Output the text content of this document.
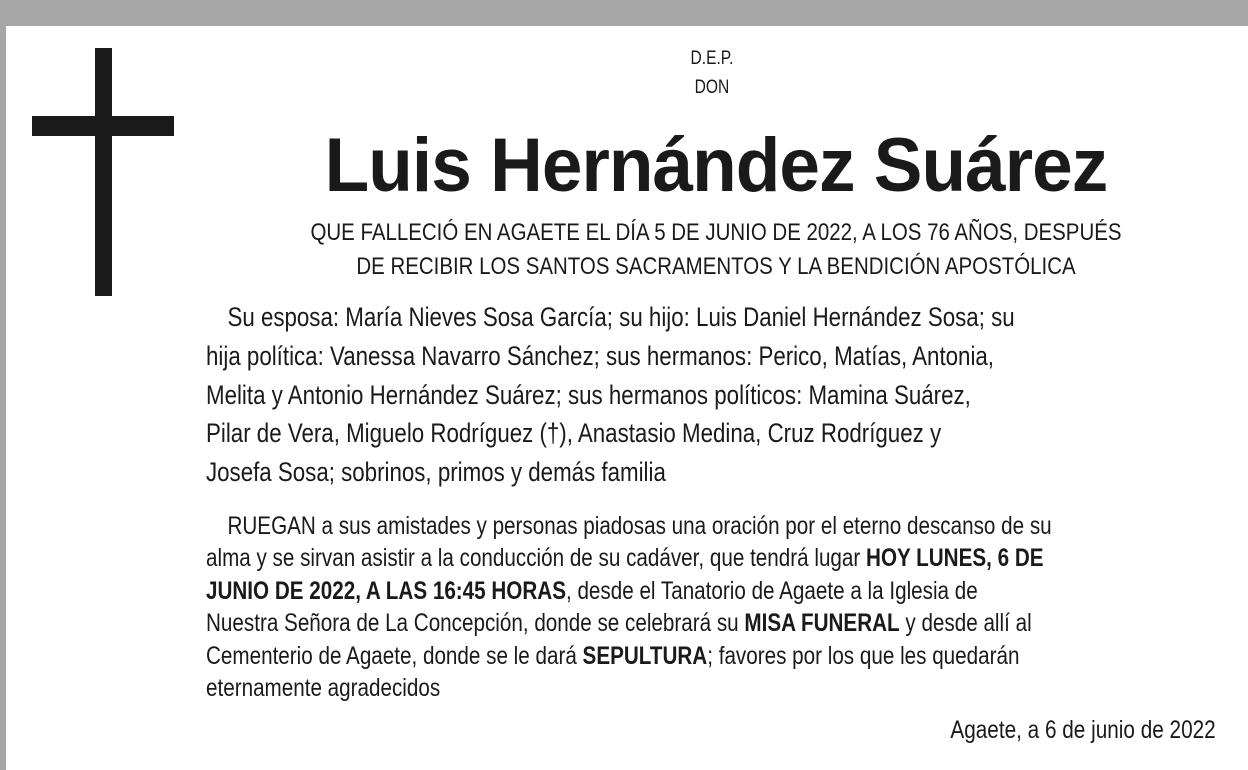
D.E.P.
DON
Luis Hernández Suárez
QUE FALLECIÓ EN AGAETE EL DÍA 5 DE JUNIO DE 2022, A LOS 76 AÑOS, DESPUÉS
DE RECIBIR LOS SANTOS SACRAMENTOS Y LA BENDICIÓN APOSTÓLICA
Su esposa: María Nieves Sosa García; su hijo: Luis Daniel Hernández Sosa; su
hija política: Vanessa Navarro Sánchez; sus hermanos: Perico, Matías, Antonia,
Melita y Antonio Hernández Suárez; sus hermanos políticos: Mamina Suárez,
Pilar de Vera, Miguelo Rodríguez (†), Anastasio Medina, Cruz Rodríguez y
Josefa Sosa; sobrinos, primos y demás familia
RUEGAN a sus amistades y personas piadosas una oración por el eterno descanso de su
alma y se sirvan asistir a la conducción de su cadáver, que tendrá lugar HOY LUNES, 6 DE
JUNIO DE 2022, A LAS 16:45 HORAS, desde el Tanatorio de Agaete a la Iglesia de
Nuestra Señora de La Concepción, donde se celebrará su MISA FUNERAL y desde allí al
Cementerio de Agaete, donde se le dará SEPULTURA; favores por los que les quedarán
eternamente agradecidos
Agaete, a 6 de junio de 2022
